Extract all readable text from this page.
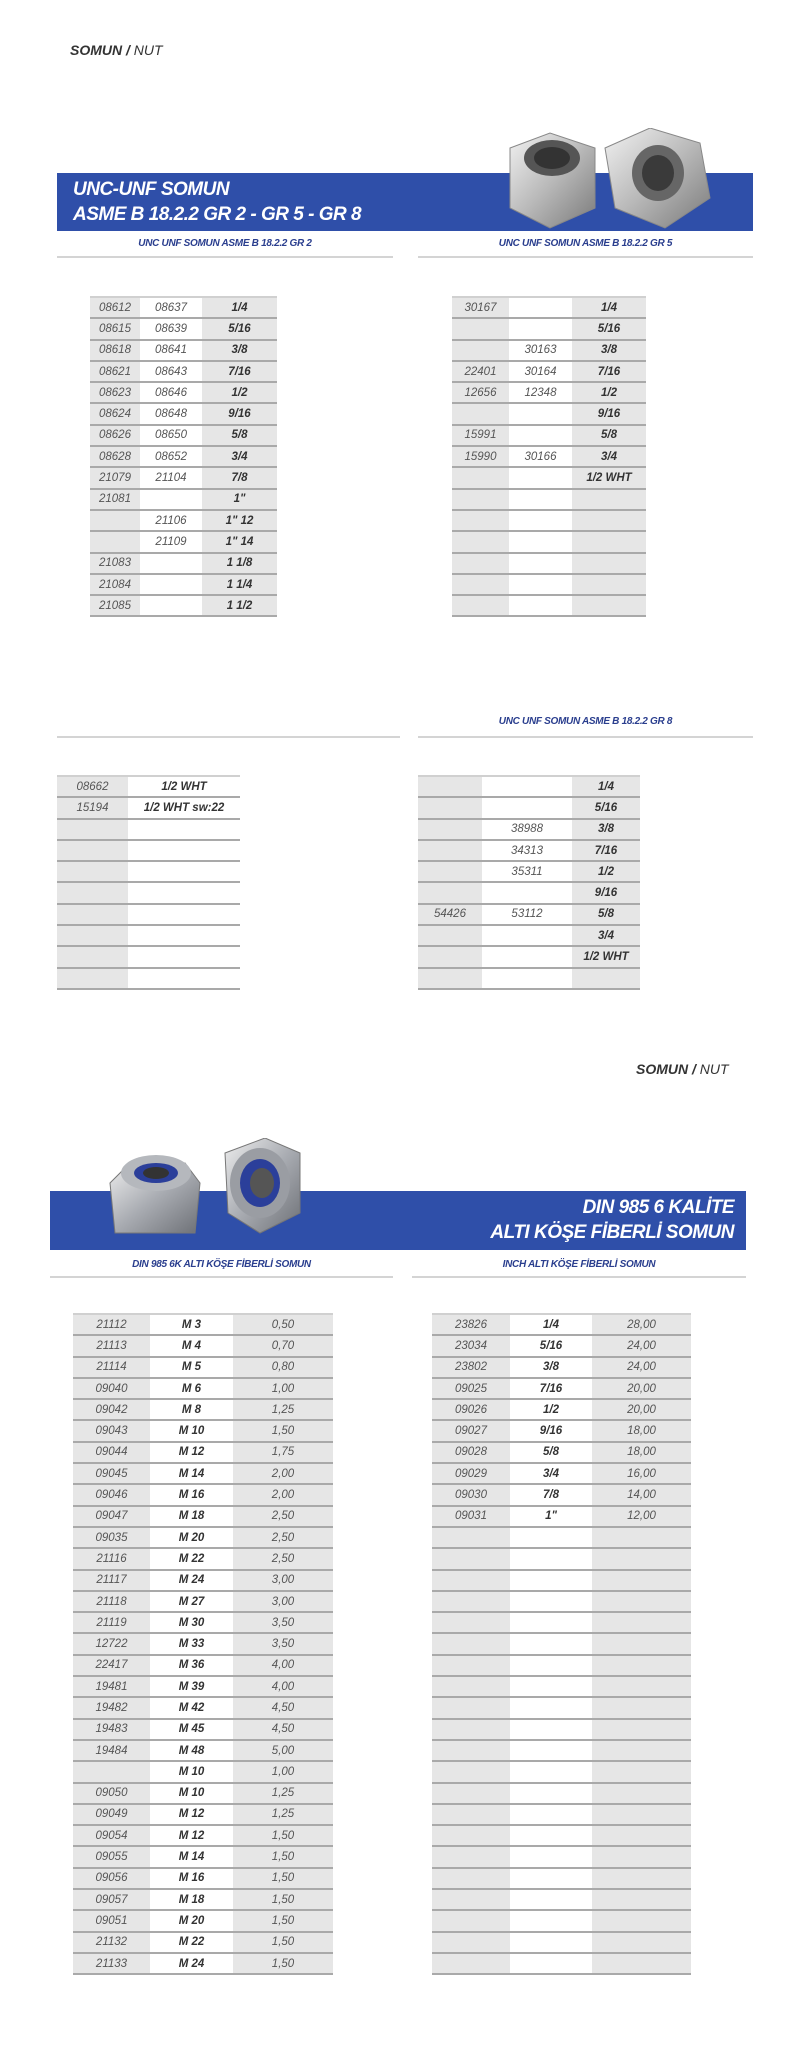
SOMUN / NUT
UNC-UNF SOMUN
ASME B 18.2.2 GR 2 - GR 5 - GR 8
UNC UNF SOMUN ASME B 18.2.2 GR 2	UNC UNF SOMUN ASME B 18.2.2 GR 5
08612	08637	1/4
08615	08639	5/16
08618	08641	3/8
08621	08643	7/16
08623	08646	1/2
08624	08648	9/16
08626	08650	5/8
08628	08652	3/4
21079	21104	7/8
21081		1"
	21106	1" 12
	21109	1" 14
21083		1 1/8
21084		1 1/4
21085		1 1/2
30167		1/4
		5/16
	30163	3/8
22401	30164	7/16
12656	12348	1/2
		9/16
15991		5/8
15990	30166	3/4
		1/2 WHT

UNC UNF SOMUN ASME B 18.2.2 GR 8
08662	1/2 WHT
15194	1/2 WHT sw:22

		1/4
		5/16
	38988	3/8
	34313	7/16
	35311	1/2
		9/16
54426	53112	5/8
		3/4
		1/2 WHT

SOMUN / NUT
DIN 985 6 KALİTE
ALTI KÖŞE FİBERLİ SOMUN
DIN 985 6K ALTI KÖŞE FİBERLİ SOMUN	INCH ALTI KÖŞE FİBERLİ SOMUN
21112	M 3	0,50
21113	M 4	0,70
21114	M 5	0,80
09040	M 6	1,00
09042	M 8	1,25
09043	M 10	1,50
09044	M 12	1,75
09045	M 14	2,00
09046	M 16	2,00
09047	M 18	2,50
09035	M 20	2,50
21116	M 22	2,50
21117	M 24	3,00
21118	M 27	3,00
21119	M 30	3,50
12722	M 33	3,50
22417	M 36	4,00
19481	M 39	4,00
19482	M 42	4,50
19483	M 45	4,50
19484	M 48	5,00
	M 10	1,00
09050	M 10	1,25
09049	M 12	1,25
09054	M 12	1,50
09055	M 14	1,50
09056	M 16	1,50
09057	M 18	1,50
09051	M 20	1,50
21132	M 22	1,50
21133	M 24	1,50
23826	1/4	28,00
23034	5/16	24,00
23802	3/8	24,00
09025	7/16	20,00
09026	1/2	20,00
09027	9/16	18,00
09028	5/8	18,00
09029	3/4	16,00
09030	7/8	14,00
09031	1"	12,00
